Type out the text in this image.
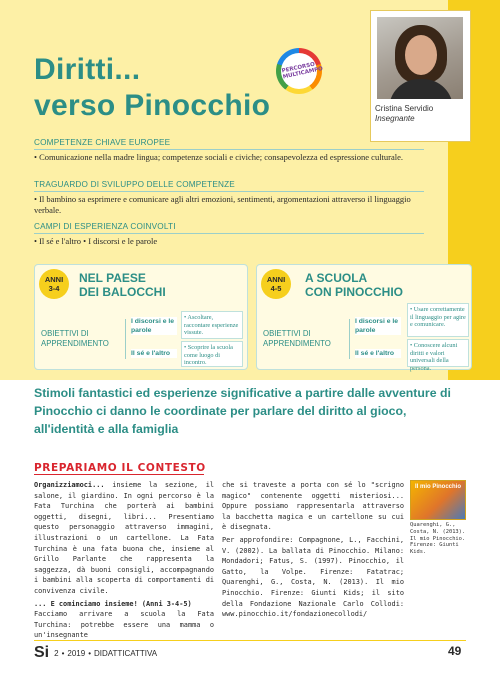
Diritti...
verso Pinocchio
PERCORSO MULTICAMPO
Cristina Servidio
Insegnante
COMPETENZE CHIAVE EUROPEE
• Comunicazione nella madre lingua; competenze sociali e civiche; consapevolezza ed espressione culturale.
TRAGUARDO DI SVILUPPO DELLE COMPETENZE
• Il bambino sa esprimere e comunicare agli altri emozioni, sentimenti, argomentazioni attraverso il linguaggio verbale.
CAMPI DI ESPERIENZA COINVOLTI
• Il sé e l'altro • I discorsi e le parole
ANNI
3-4
NEL PAESE
DEI BALOCCHI
OBIETTIVI DI
APPRENDIMENTO
I discorsi e le parole
• Ascoltare, raccontare esperienze vissute.
Il sé e l'altro
• Scoprire la scuola come luogo di incontro.
ANNI
4-5
A SCUOLA
CON PINOCCHIO
OBIETTIVI DI
APPRENDIMENTO
I discorsi e le parole
• Usare correttamente il linguaggio per agire e comunicare.
Il sé e l'altro
• Conoscere alcuni diritti e valori universali della persona.
Stimoli fantastici ed esperienze significative a partire dalle avventure di Pinocchio ci danno le coordinate per parlare del diritto al gioco, all'identità e alla famiglia
PREPARIAMO IL CONTESTO

Organizziamoci... insieme la sezione, il salone, il giardino. In ogni percorso è la Fata Turchina che porterà ai bambini oggetti, disegni, libri... Presentiamo questo personaggio attraverso immagini, illustrazioni o un cartellone. La Fata Turchina è una fata buona che, insieme al Grillo Parlante che rappresenta la saggezza, dà buoni consigli, accompagnando i bambini alla scoperta di comportamenti di convivenza civile.

... E cominciamo insieme! (Anni 3-4-5)
Facciamo arrivare a scuola la Fata Turchina: potrebbe essere una mamma o un'insegnante

che si traveste a porta con sé lo "scrigno magico" contenente oggetti misteriosi... Oppure possiamo rappresentarla attraverso la bacchetta magica e un cartellone su cui è disegnata.

Per approfondire: Compagnone, L., Facchini, V. (2002). La ballata di Pinocchio. Milano: Mondadori; Fatus, S. (1997). Pinocchio, il Gatto, la Volpe. Firenze: Fatatrac; Quarenghi, G., Costa, N. (2013). Il mio Pinocchio. Firenze: Giunti Kids; il sito della Fondazione Nazionale Carlo Collodi: www.pinocchio.it/fondazionecollodi/

Il mio Pinocchio
Quarenghi, G., Costa, N. (2013). Il mio Pinocchio. Firenze: Giunti Kids.
Si 2 • 2019 • DIDATTICATTIVA	49
